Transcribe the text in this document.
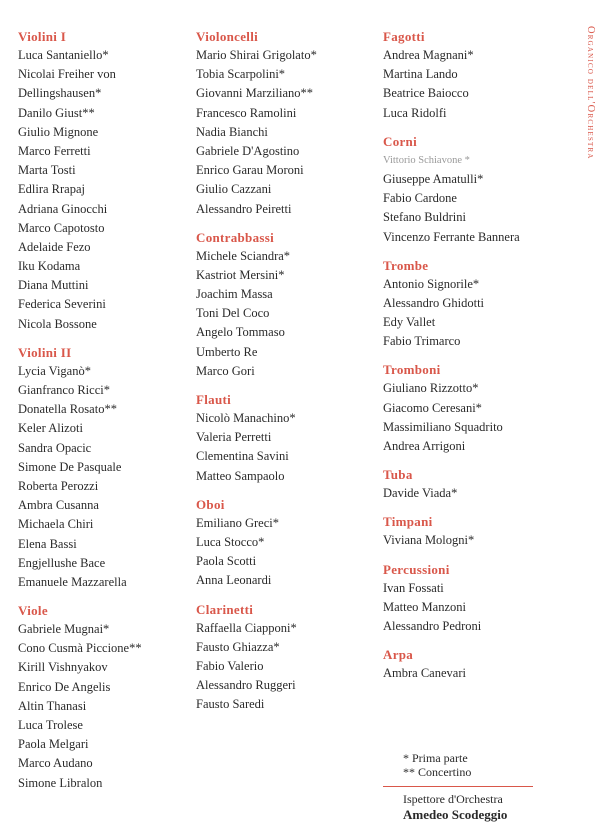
Violini I
Luca Santaniello*
Nicolai Freiher von
Dellingshausen*
Danilo Giust**
Giulio Mignone
Marco Ferretti
Marta Tosti
Edlira Rrapaj
Adriana Ginocchi
Marco Capotosto
Adelaide Fezo
Iku Kodama
Diana Muttini
Federica Severini
Nicola Bossone
Violini II
Lycia Viganò*
Gianfranco Ricci*
Donatella Rosato**
Keler Alizoti
Sandra Opacic
Simone De Pasquale
Roberta Perozzi
Ambra Cusanna
Michaela Chiri
Elena Bassi
Engjellushe Bace
Emanuele Mazzarella
Viole
Gabriele Mugnai*
Cono Cusmà Piccione**
Kirill Vishnyakov
Enrico De Angelis
Altin Thanasi
Luca Trolese
Paola Melgari
Marco Audano
Simone Libralon
Violoncelli
Mario Shirai Grigolato*
Tobia Scarpolini*
Giovanni Marziliano**
Francesco Ramolini
Nadia Bianchi
Gabriele D'Agostino
Enrico Garau Moroni
Giulio Cazzani
Alessandro Peiretti
Contrabbassi
Michele Sciandra*
Kastriot Mersini*
Joachim Massa
Toni Del Coco
Angelo Tommaso
Umberto Re
Marco Gori
Flauti
Nicolò Manachino*
Valeria Perretti
Clementina Savini
Matteo Sampaolo
Oboi
Emiliano Greci*
Luca Stocco*
Paola Scotti
Anna Leonardi
Clarinetti
Raffaella Ciapponi*
Fausto Ghiazza*
Fabio Valerio
Alessandro Ruggeri
Fausto Saredi
Fagotti
Andrea Magnani*
Martina Lando
Beatrice Baiocco
Luca Ridolfi
Corni
Vittorio Schiavone *
Giuseppe Amatulli*
Fabio Cardone
Stefano Buldrini
Vincenzo Ferrante Bannera
Trombe
Antonio Signorile*
Alessandro Ghidotti
Edy Vallet
Fabio Trimarco
Tromboni
Giuliano Rizzotto*
Giacomo Ceresani*
Massimiliano Squadrito
Andrea Arrigoni
Tuba
Davide Viada*
Timpani
Viviana Mologni*
Percussioni
Ivan Fossati
Matteo Manzoni
Alessandro Pedroni
Arpa
Ambra Canevari
Organico dell'Orchestra
* Prima parte
** Concertino
Ispettore d'Orchestra
Amedeo Scodeggio
